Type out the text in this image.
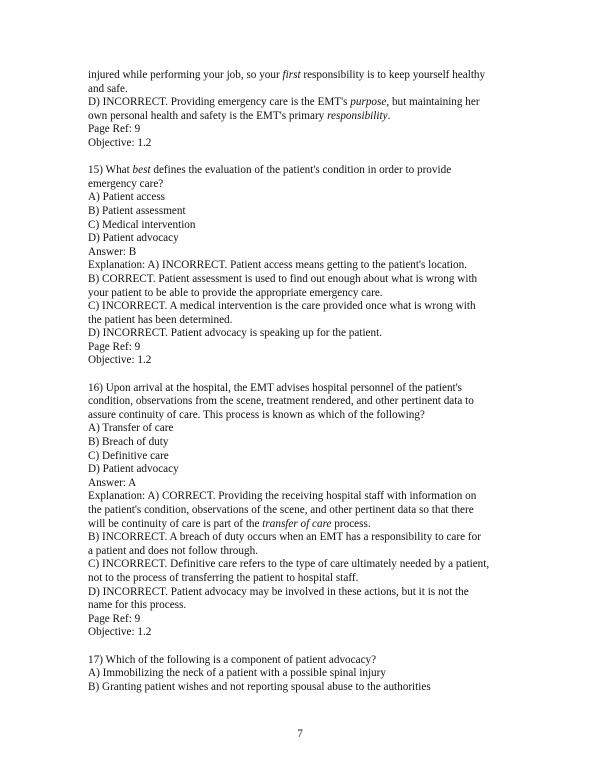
injured while performing your job, so your first responsibility is to keep yourself healthy
and safe.
D) INCORRECT. Providing emergency care is the EMT's purpose, but maintaining her
own personal health and safety is the EMT's primary responsibility.
Page Ref: 9
Objective: 1.2
15) What best defines the evaluation of the patient's condition in order to provide
emergency care?
A) Patient access
B) Patient assessment
C) Medical intervention
D) Patient advocacy
Answer: B
Explanation: A) INCORRECT. Patient access means getting to the patient's location.
B) CORRECT. Patient assessment is used to find out enough about what is wrong with
your patient to be able to provide the appropriate emergency care.
C) INCORRECT. A medical intervention is the care provided once what is wrong with
the patient has been determined.
D) INCORRECT. Patient advocacy is speaking up for the patient.
Page Ref: 9
Objective: 1.2
16) Upon arrival at the hospital, the EMT advises hospital personnel of the patient's
condition, observations from the scene, treatment rendered, and other pertinent data to
assure continuity of care. This process is known as which of the following?
A) Transfer of care
B) Breach of duty
C) Definitive care
D) Patient advocacy
Answer: A
Explanation: A) CORRECT. Providing the receiving hospital staff with information on
the patient's condition, observations of the scene, and other pertinent data so that there
will be continuity of care is part of the transfer of care process.
B) INCORRECT. A breach of duty occurs when an EMT has a responsibility to care for
a patient and does not follow through.
C) INCORRECT. Definitive care refers to the type of care ultimately needed by a patient,
not to the process of transferring the patient to hospital staff.
D) INCORRECT. Patient advocacy may be involved in these actions, but it is not the
name for this process.
Page Ref: 9
Objective: 1.2
17) Which of the following is a component of patient advocacy?
A) Immobilizing the neck of a patient with a possible spinal injury
B) Granting patient wishes and not reporting spousal abuse to the authorities
7
